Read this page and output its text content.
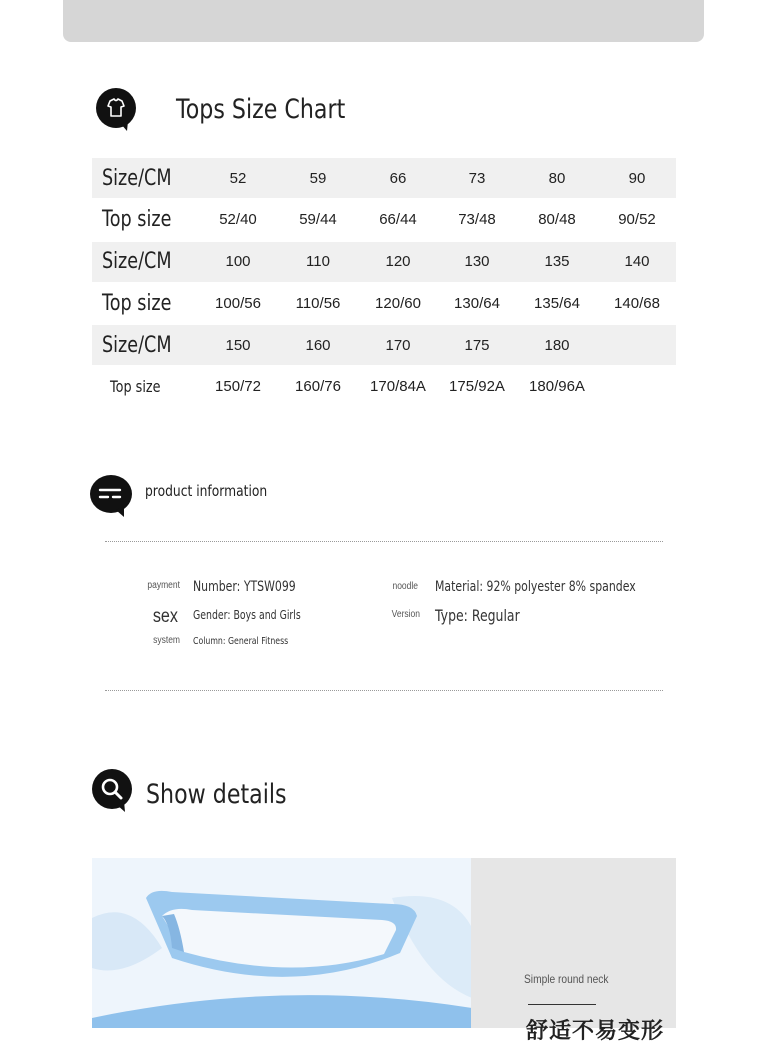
Tops Size Chart
Size/CM	52	59	66	73	80	90
Top size	52/40	59/44	66/44	73/48	80/48	90/52
Size/CM	100	110	120	130	135	140
Top size	100/56	110/56	120/60	130/64	135/64	140/68
Size/CM	150	160	170	175	180
Top size	150/72	160/76	170/84A	175/92A	180/96A
product information
payment Number: YTSW099
sex Gender: Boys and Girls
system Column: General Fitness
noodle Material: 92% polyester 8% spandex
Version Type: Regular
Show details
Simple round neck
舒适不易变形
